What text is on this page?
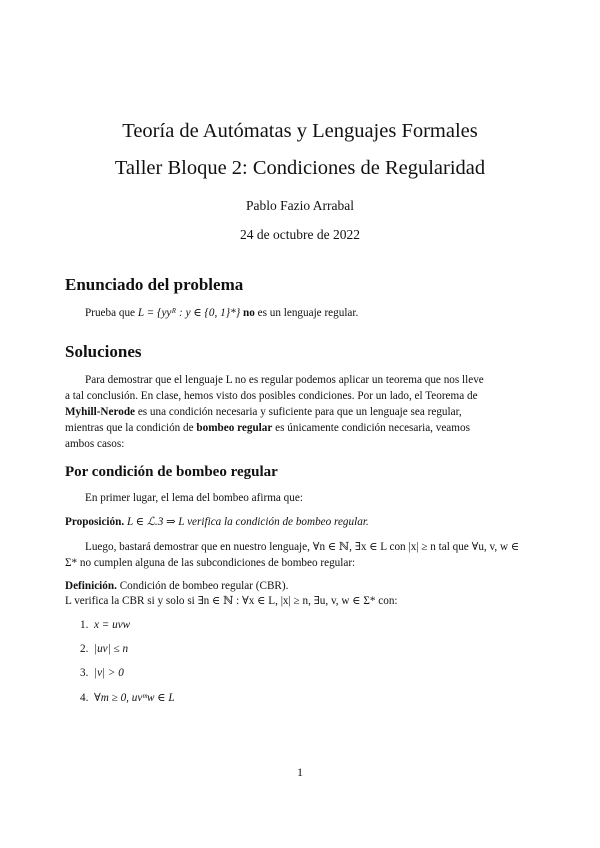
Teoría de Autómatas y Lenguajes Formales
Taller Bloque 2: Condiciones de Regularidad
Pablo Fazio Arrabal
24 de octubre de 2022
Enunciado del problema
Prueba que L = {yyᴿ : y ∈ {0, 1}*} no es un lenguaje regular.
Soluciones
Para demostrar que el lenguaje L no es regular podemos aplicar un teorema que nos lleve
a tal conclusión. En clase, hemos visto dos posibles condiciones. Por un lado, el Teorema de
Myhill-Nerode es una condición necesaria y suficiente para que un lenguaje sea regular,
mientras que la condición de bombeo regular es únicamente condición necesaria, veamos
ambos casos:
Por condición de bombeo regular
En primer lugar, el lema del bombeo afirma que:
Proposición. L ∈ ℒ.3 ⇒ L verifica la condición de bombeo regular.
Luego, bastará demostrar que en nuestro lenguaje, ∀n ∈ ℕ, ∃x ∈ L con |x| ≥ n tal que ∀u, v, w ∈
Σ* no cumplen alguna de las subcondiciones de bombeo regular:
Definición. Condición de bombeo regular (CBR).
L verifica la CBR si y solo si ∃n ∈ ℕ : ∀x ∈ L, |x| ≥ n, ∃u, v, w ∈ Σ* con:
1. x = uvw
2. |uv| ≤ n
3. |v| > 0
4. ∀m ≥ 0, uvᵐw ∈ L
1
